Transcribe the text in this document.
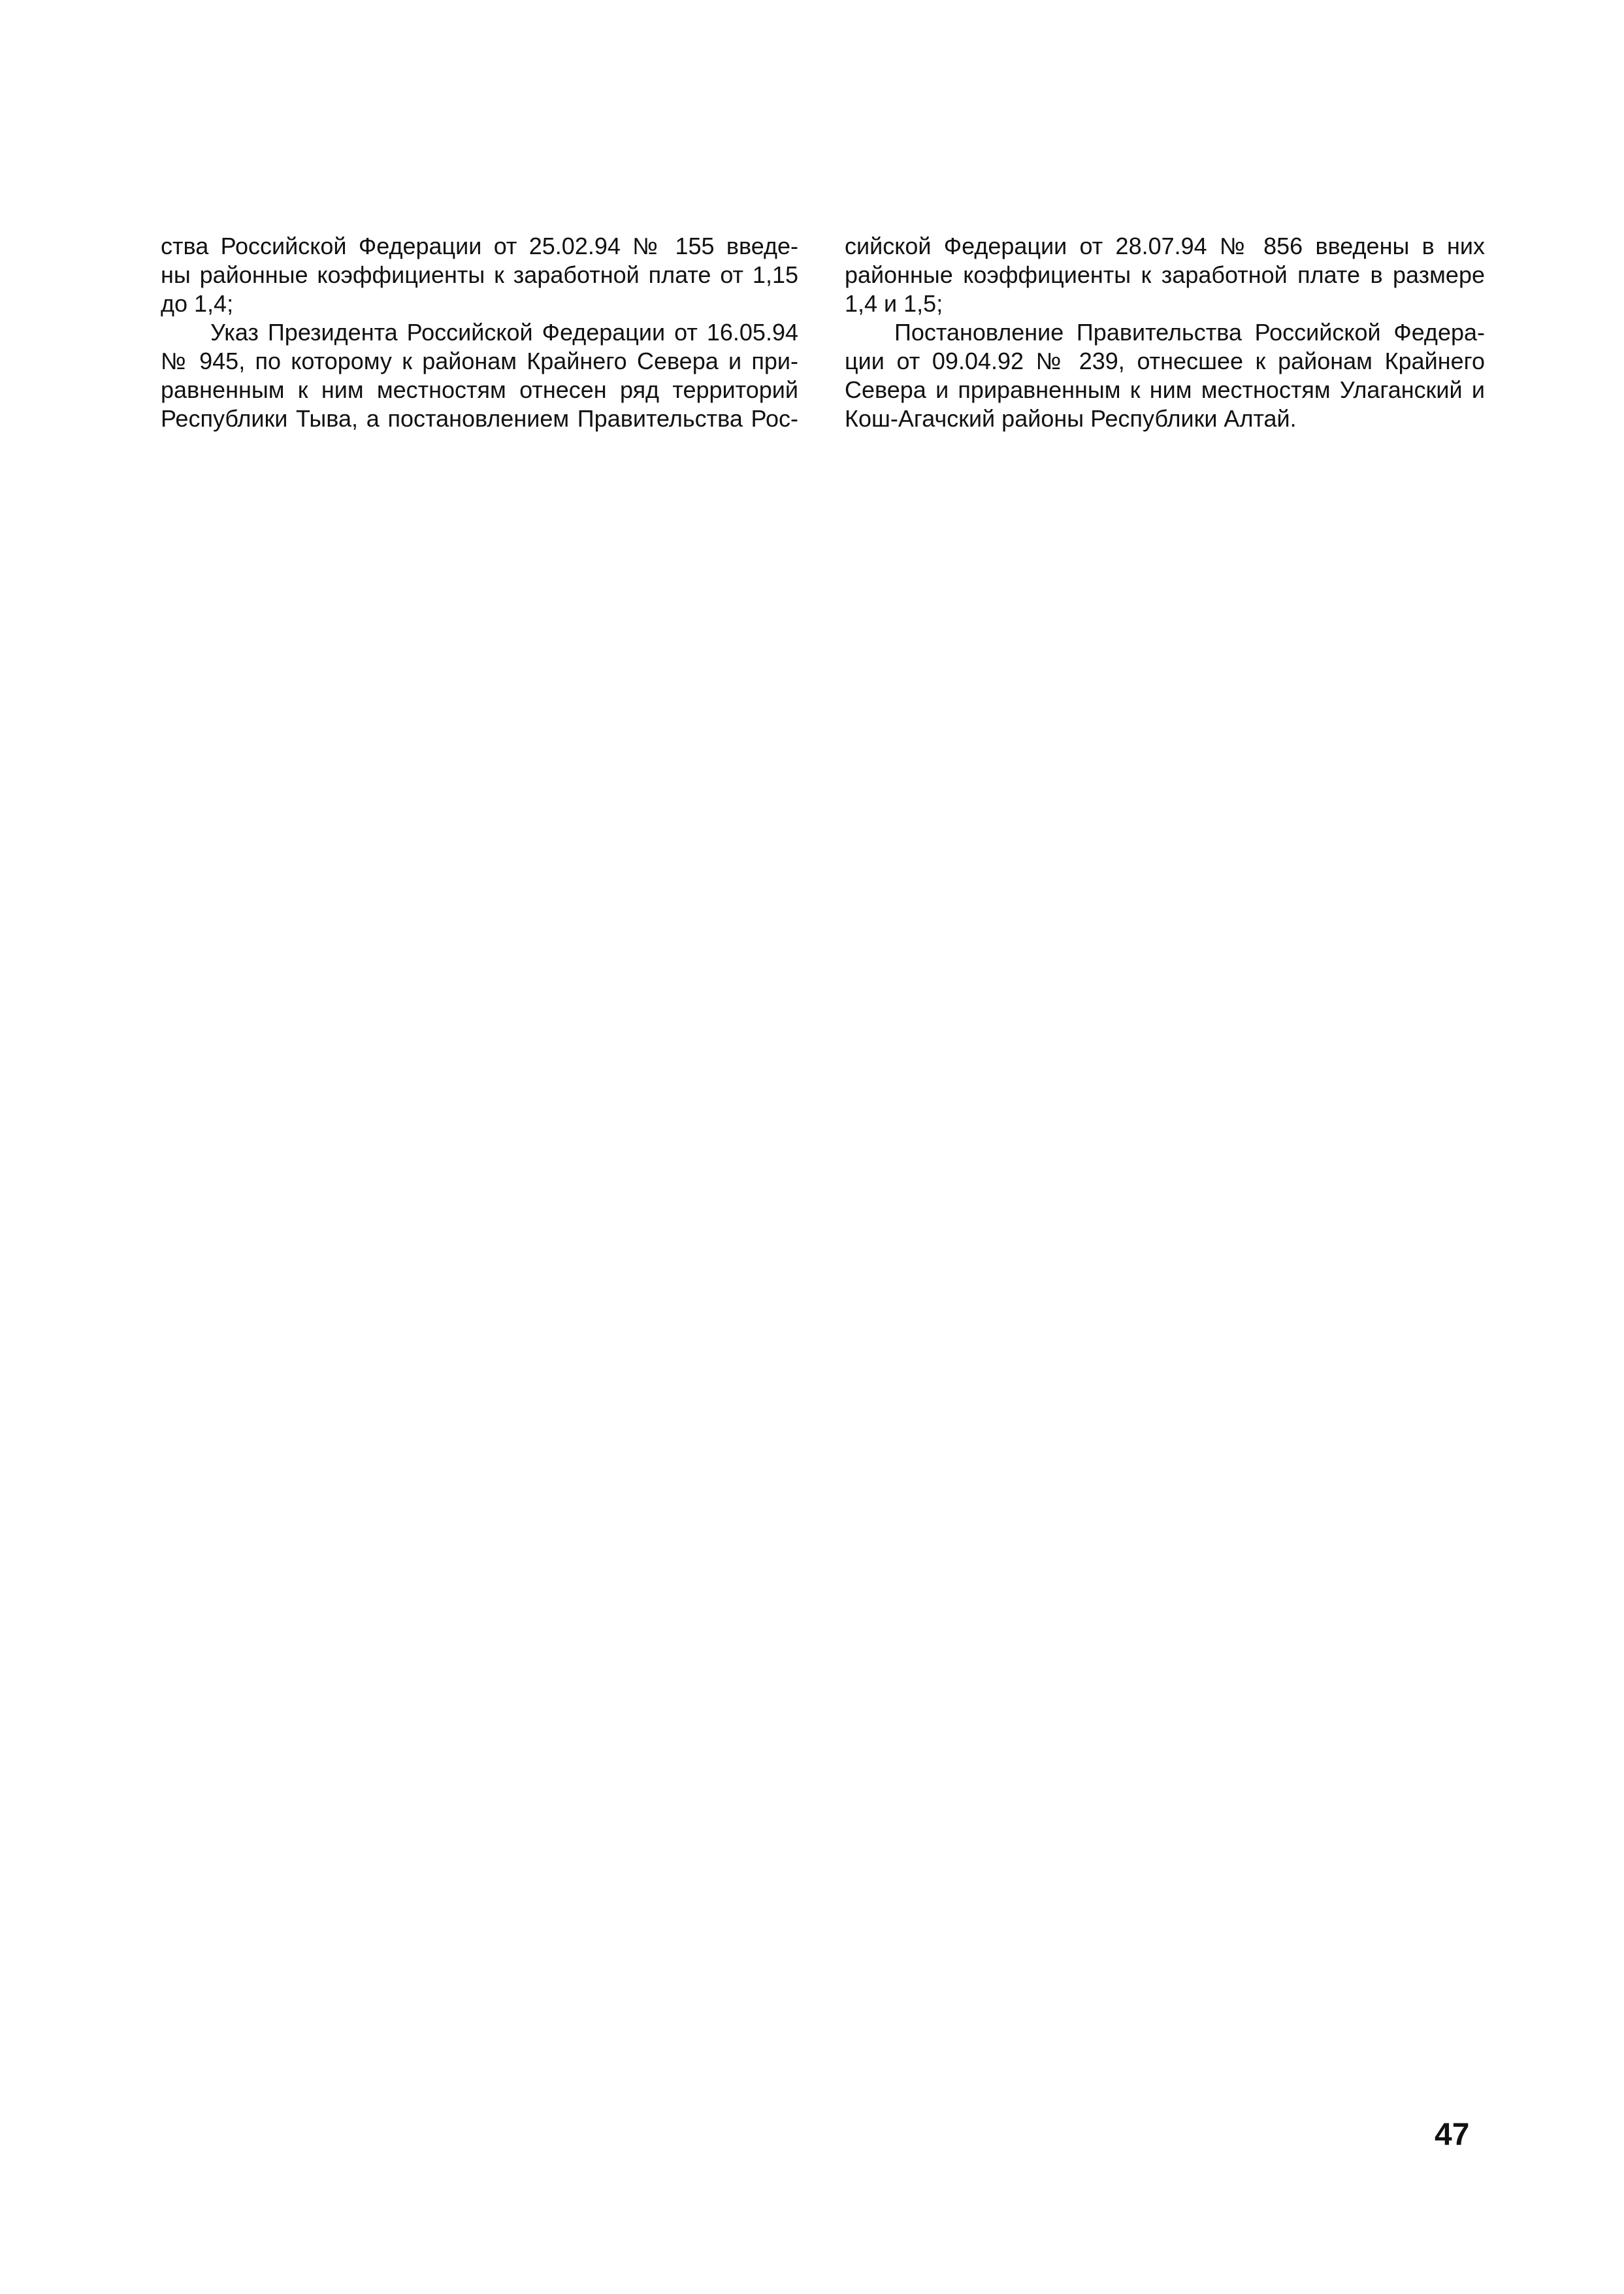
ства Российской Федерации от 25.02.94 № 155 введе-
ны районные коэффициенты к заработной плате от 1,15
до 1,4;

Указ Президента Российской Федерации от 16.05.94
№ 945, по которому к районам Крайнего Севера и при-
равненным к ним местностям отнесен ряд территорий
Республики Тыва, а постановлением Правительства Рос-

сийской Федерации от 28.07.94 № 856 введены в них
районные коэффициенты к заработной плате в размере
1,4 и 1,5;

Постановление Правительства Российской Федера-
ции от 09.04.92 № 239, отнесшее к районам Крайнего
Севера и приравненным к ним местностям Улаганский и
Кош-Агачский районы Республики Алтай.

47
